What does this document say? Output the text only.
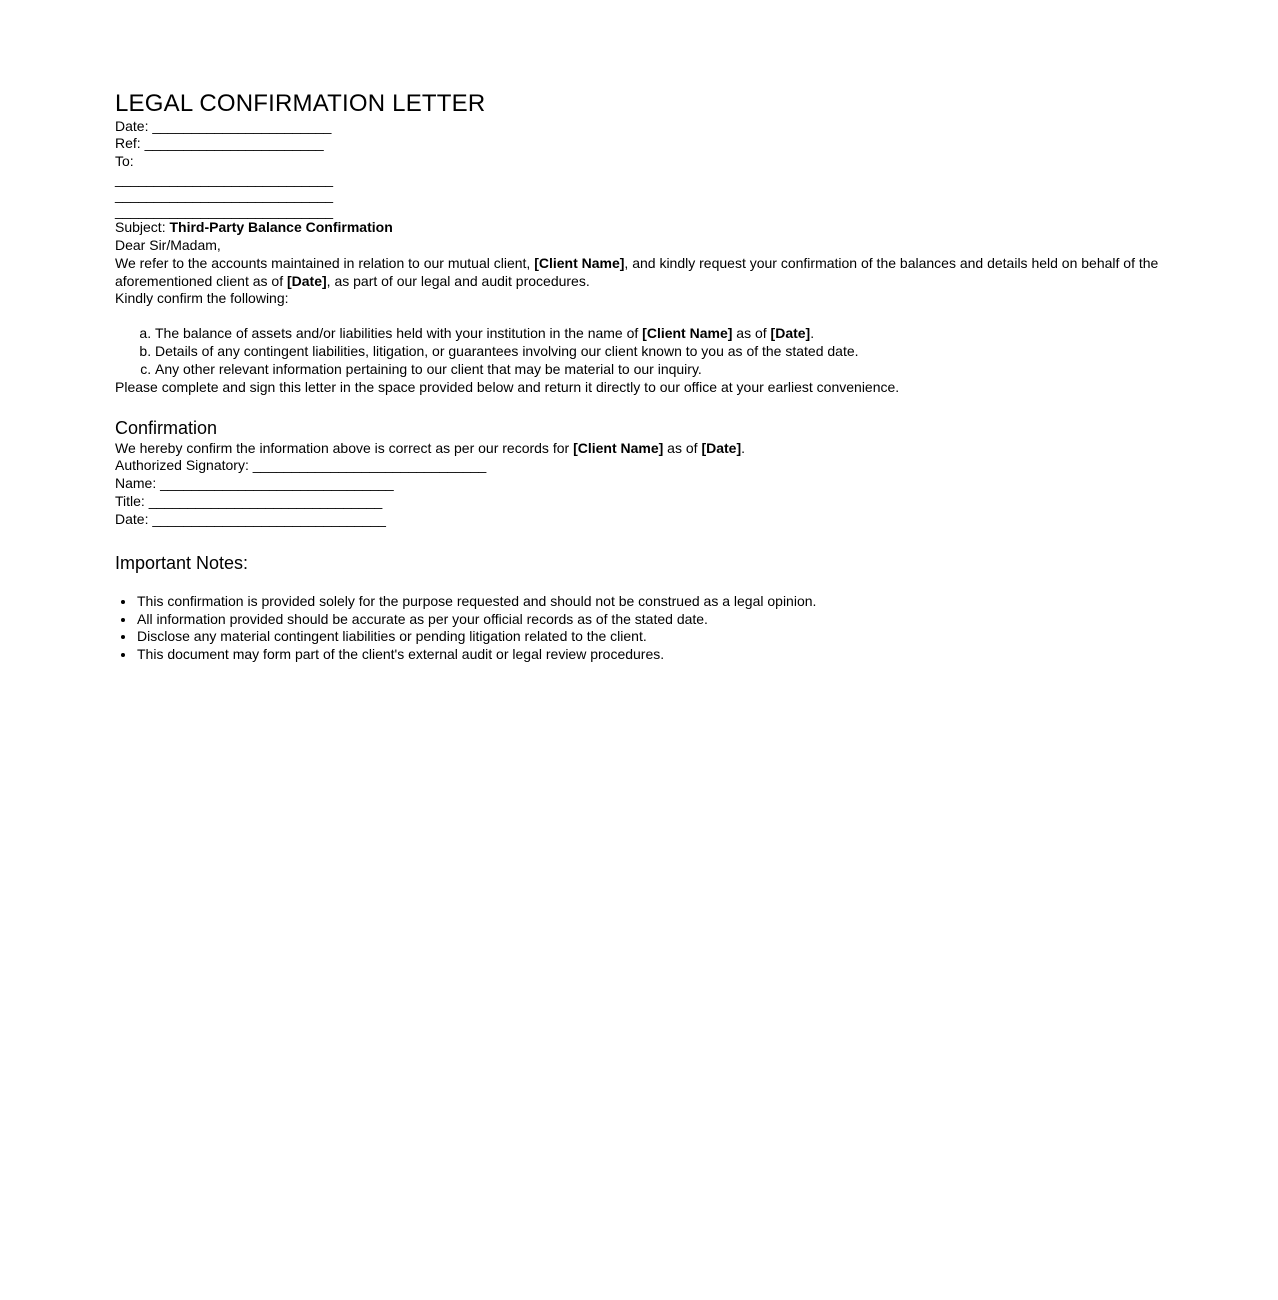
LEGAL CONFIRMATION LETTER

Date: _______________________
Ref: _______________________

To:

____________________________
____________________________
____________________________

Subject: Third-Party Balance Confirmation

Dear Sir/Madam,

We refer to the accounts maintained in relation to our mutual client, [Client Name], and kindly request your confirmation of the balances and details held on behalf of the aforementioned client as of [Date], as part of our legal and audit procedures.

Kindly confirm the following:

a. The balance of assets and/or liabilities held with your institution in the name of [Client Name] as of [Date].
b. Details of any contingent liabilities, litigation, or guarantees involving our client known to you as of the stated date.
c. Any other relevant information pertaining to our client that may be material to our inquiry.

Please complete and sign this letter in the space provided below and return it directly to our office at your earliest convenience.

Confirmation

We hereby confirm the information above is correct as per our records for [Client Name] as of [Date].

Authorized Signatory: ______________________________
Name: ______________________________
Title: ______________________________
Date: ______________________________

Important Notes:
• This confirmation is provided solely for the purpose requested and should not be construed as a legal opinion.
• All information provided should be accurate as per your official records as of the stated date.
• Disclose any material contingent liabilities or pending litigation related to the client.
• This document may form part of the client's external audit or legal review procedures.
